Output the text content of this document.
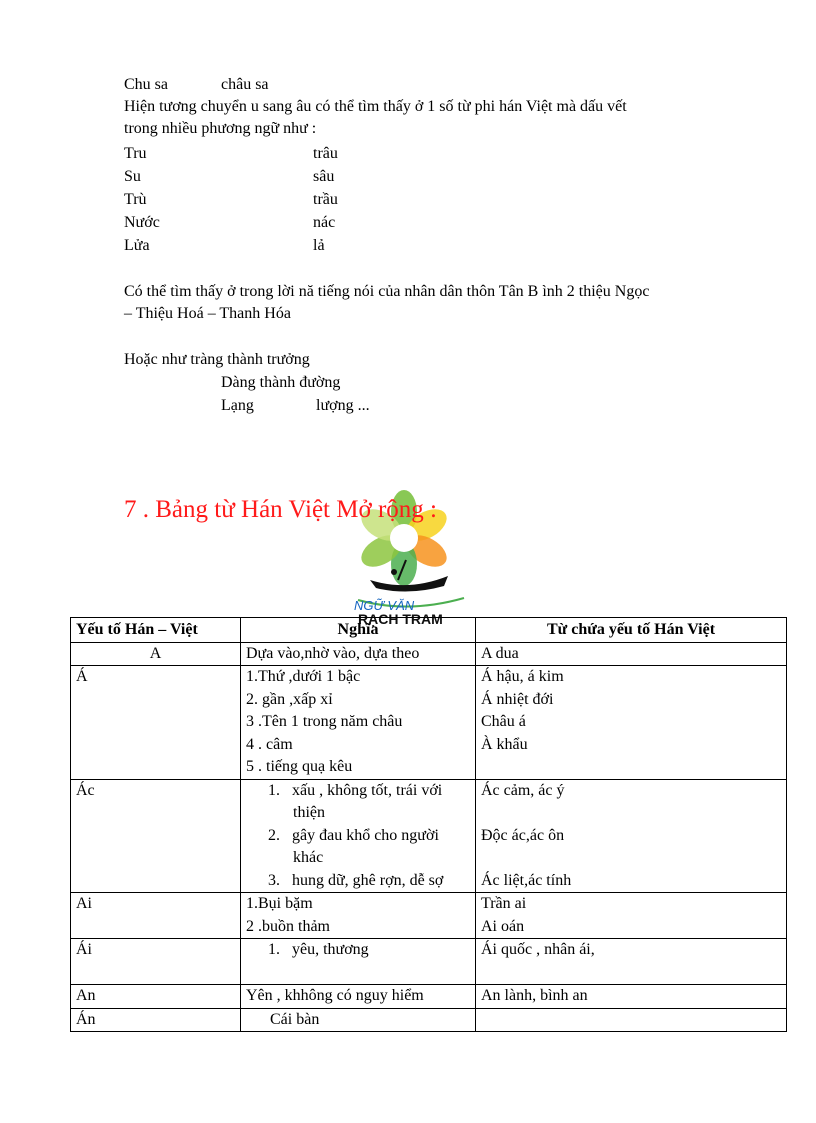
Chu sa	châu sa
Hiện tương chuyển u sang âu có thể tìm thấy ở 1 số từ phi hán Việt mà dấu vết
trong nhiều phương ngữ như :
Tru	trâu
Su	sâu
Trù	trầu
Nước	nác
Lửa	lả
Có thể tìm thấy ở trong lời nă tiếng nói của nhân dân thôn Tân B ình 2 thiệu Ngọc
– Thiệu Hoá – Thanh Hóa
Hoặc như tràng thành trưởng
Dàng thành đường
Lạng	lượng ...
NGỮ VĂN
RẠCH TRAM
7 . Bảng từ Hán Việt Mở rộng :
Yếu tố Hán – Việt	Nghĩa	Từ chứa yếu tố Hán Việt
A	Dựa vào,nhờ vào, dựa theo	A dua

Á	1.Thứ ,dưới 1 bậc
2. gần ,xấp xỉ
3 .Tên 1 trong năm châu
4 . câm
5 . tiếng quạ kêu	Á hậu, á kim
Á nhiệt đới
Châu á
À khẩu

Ác	1. xấu , không tốt, trái với
thiện
2. gây đau khổ cho người
khác
3. hung dữ, ghê rợn, dễ sợ	Ác cảm, ác ý
Độc ác,ác ôn
Ác liệt,ác tính

Ai	1.Bụi bặm
2 .buồn thảm	Trần ai
Ai oán

Ái	1. yêu, thương	Ái quốc , nhân ái,

An	Yên , khhông có nguy hiểm	An lành, bình an

Án	Cái bàn	
